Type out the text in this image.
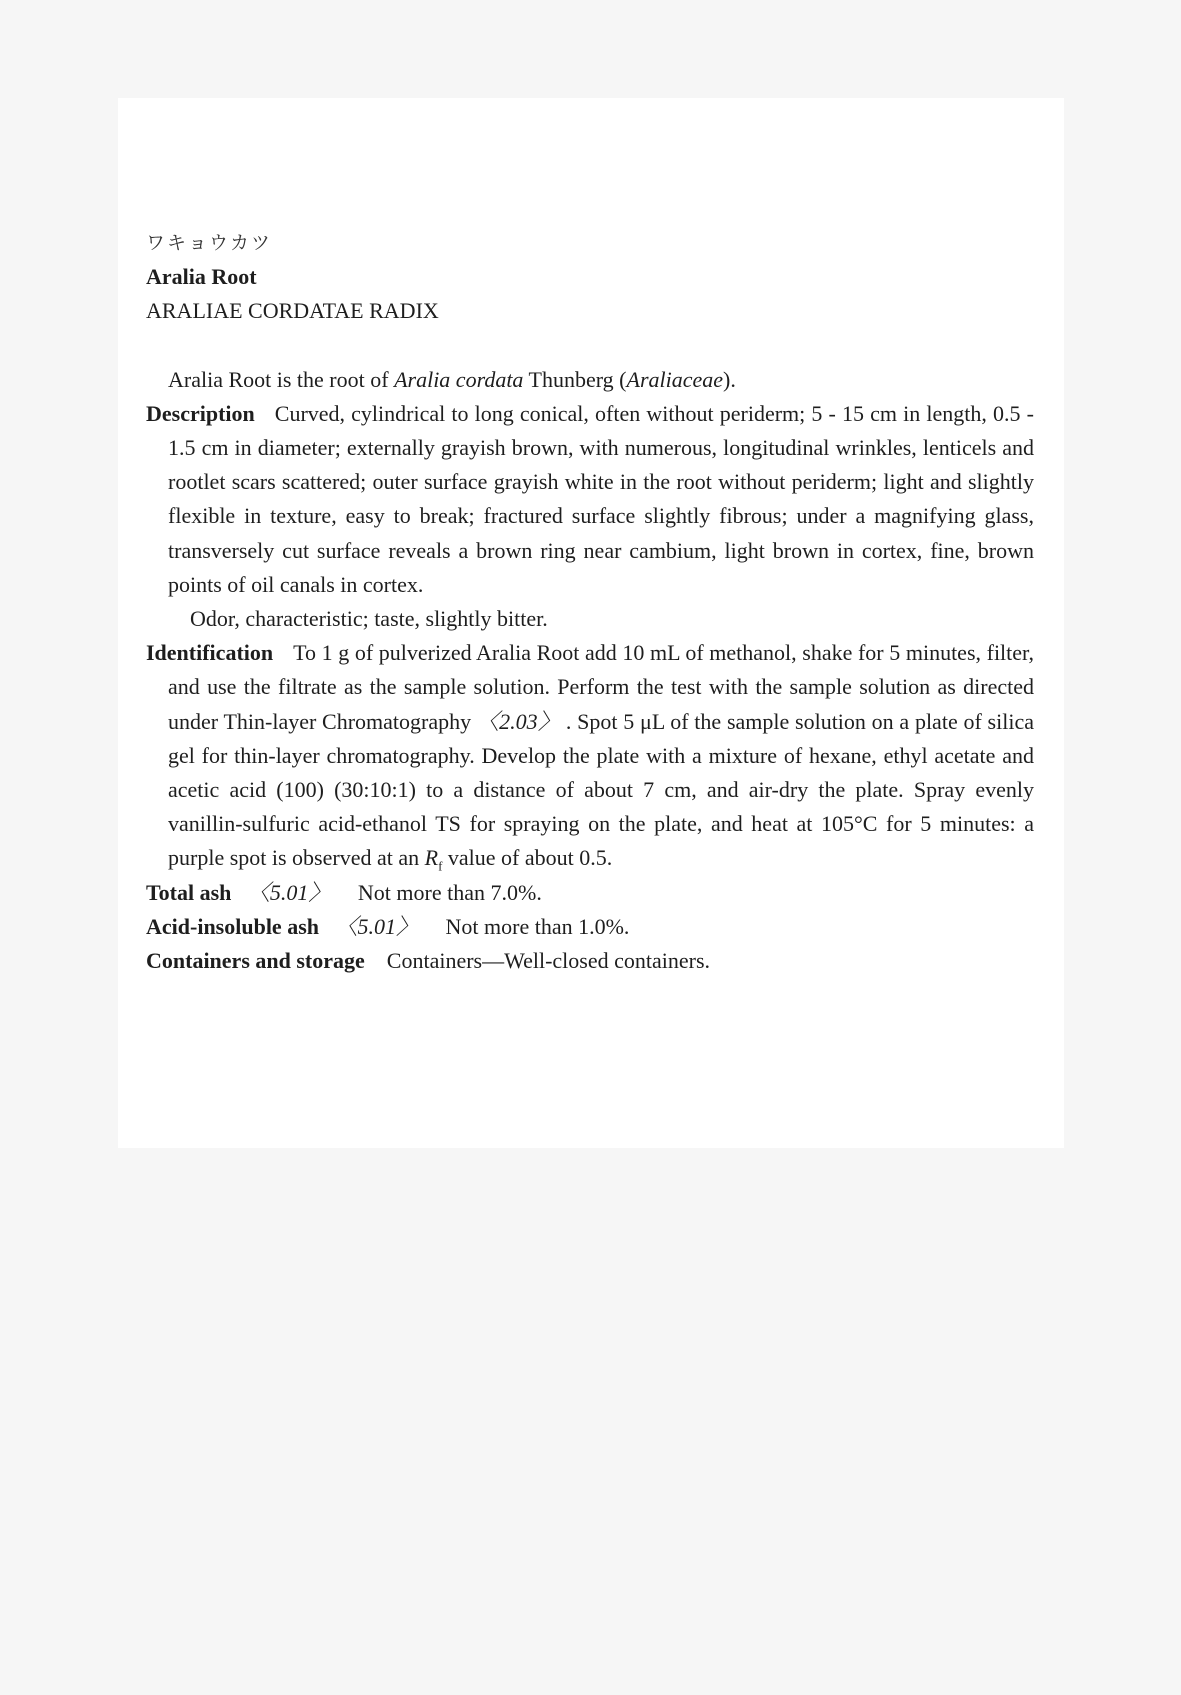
ワキョウカツ

Aralia Root

ARALIAE CORDATAE RADIX

Aralia Root is the root of Aralia cordata Thunberg (Araliaceae).

Description Curved, cylindrical to long conical, often without periderm; 5 - 15 cm in length, 0.5 - 1.5 cm in diameter; externally grayish brown, with numerous, longitudinal wrinkles, lenticels and rootlet scars scattered; outer surface grayish white in the root without periderm; light and slightly flexible in texture, easy to break; fractured surface slightly fibrous; under a magnifying glass, transversely cut surface reveals a brown ring near cambium, light brown in cortex, fine, brown points of oil canals in cortex.

Odor, characteristic; taste, slightly bitter.

Identification To 1 g of pulverized Aralia Root add 10 mL of methanol, shake for 5 minutes, filter, and use the filtrate as the sample solution. Perform the test with the sample solution as directed under Thin-layer Chromatography 〈2.03〉 . Spot 5 μL of the sample solution on a plate of silica gel for thin-layer chromatography. Develop the plate with a mixture of hexane, ethyl acetate and acetic acid (100) (30:10:1) to a distance of about 7 cm, and air-dry the plate. Spray evenly vanillin-sulfuric acid-ethanol TS for spraying on the plate, and heat at 105°C for 5 minutes: a purple spot is observed at an $R_f$ value of about 0.5.

Total ash 〈5.01〉 Not more than 7.0%.

Acid-insoluble ash 〈5.01〉 Not more than 1.0%.

Containers and storage Containers—Well-closed containers.
